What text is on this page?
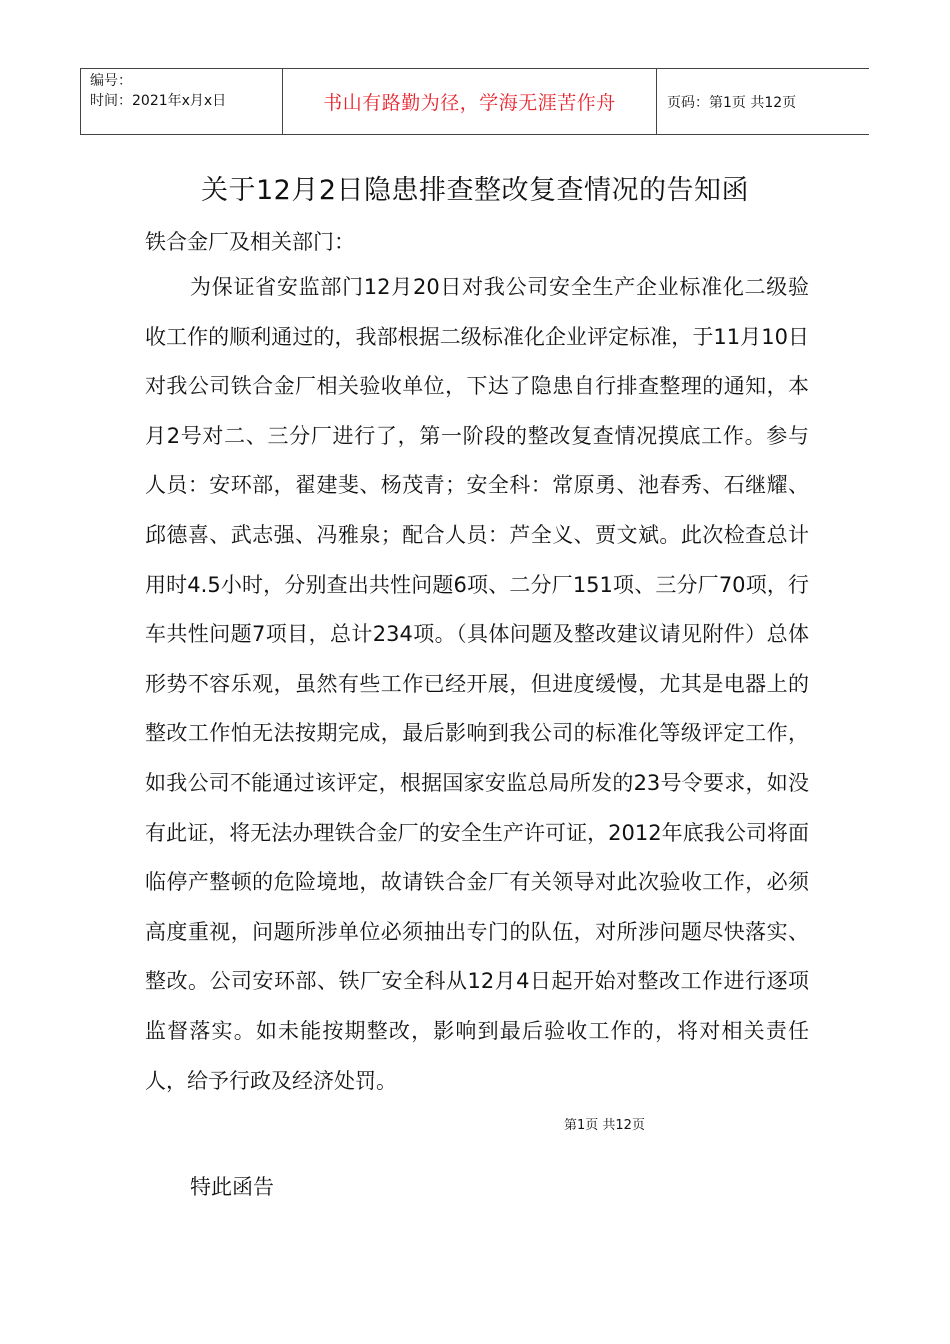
编号：
时间：2021年x月x日	书山有路勤为径，学海无涯苦作舟	页码：第1页 共12页
关于12月2日隐患排查整改复查情况的告知函
铁合金厂及相关部门：
为保证省安监部门12月20日对我公司安全生产企业标准化二级验收工作的顺利通过的，我部根据二级标准化企业评定标准，于11月10日对我公司铁合金厂相关验收单位，下达了隐患自行排查整理的通知，本月2号对二、三分厂进行了，第一阶段的整改复查情况摸底工作。参与人员：安环部，翟建斐、杨茂青；安全科：常原勇、池春秀、石继耀、邱德喜、武志强、冯雅泉；配合人员：芦全义、贾文斌。此次检查总计用时4.5小时，分别查出共性问题6项、二分厂151项、三分厂70项，行车共性问题7项目，总计234项。（具体问题及整改建议请见附件）总体形势不容乐观，虽然有些工作已经开展，但进度缓慢，尤其是电器上的整改工作怕无法按期完成，最后影响到我公司的标准化等级评定工作，如我公司不能通过该评定，根据国家安监总局所发的23号令要求，如没有此证，将无法办理铁合金厂的安全生产许可证，2012年底我公司将面临停产整顿的危险境地，故请铁合金厂有关领导对此次验收工作，必须高度重视，问题所涉单位必须抽出专门的队伍，对所涉问题尽快落实、整改。公司安环部、铁厂安全科从12月4日起开始对整改工作进行逐项监督落实。如未能按期整改，影响到最后验收工作的，将对相关责任人，给予行政及经济处罚。
第1页 共12页
特此函告
